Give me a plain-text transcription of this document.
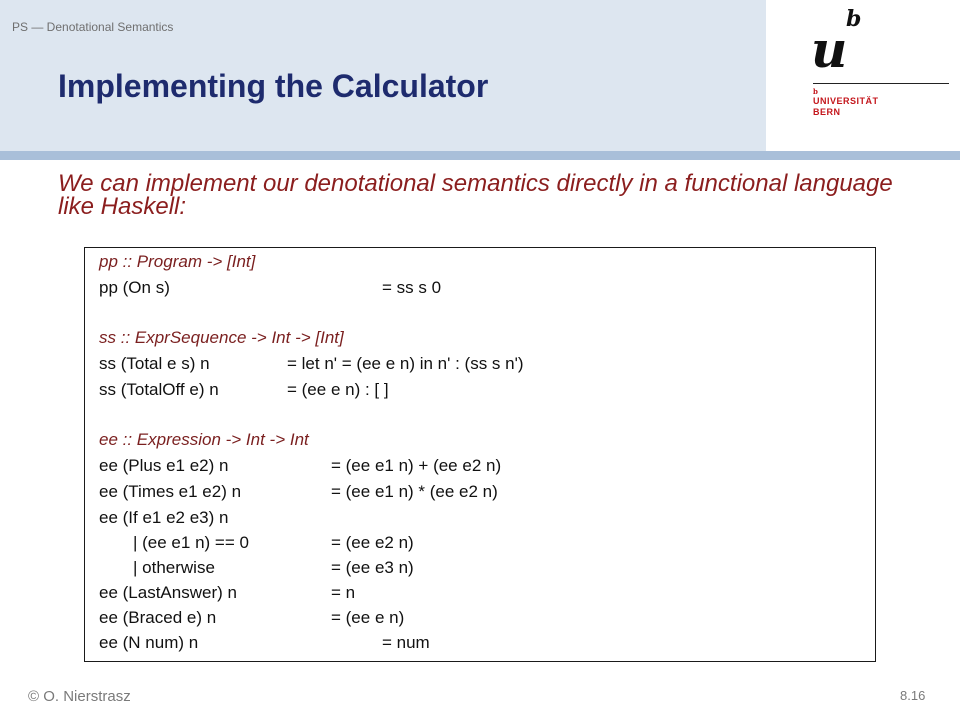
PS — Denotational Semantics
Implementing the Calculator
u
b
b
UNIVERSITÄT
BERN

We can implement our denotational semantics directly in a functional language like Haskell:

pp :: Program -> [Int]
pp (On s)	= ss s 0
ss :: ExprSequence -> Int -> [Int]
ss (Total e s) n	= let n' = (ee e n) in n' : (ss s n')
ss (TotalOff e) n	= (ee e n) : [ ]
ee :: Expression -> Int -> Int
ee (Plus e1 e2) n	= (ee e1 n) + (ee e2 n)
ee (Times e1 e2) n	= (ee e1 n) * (ee e2 n)
ee (If e1 e2 e3) n
| (ee e1 n) == 0	= (ee e2 n)
| otherwise	= (ee e3 n)
ee (LastAnswer) n	= n
ee (Braced e) n	= (ee e n)
ee (N num) n	= num
© O. Nierstrasz	8.16
